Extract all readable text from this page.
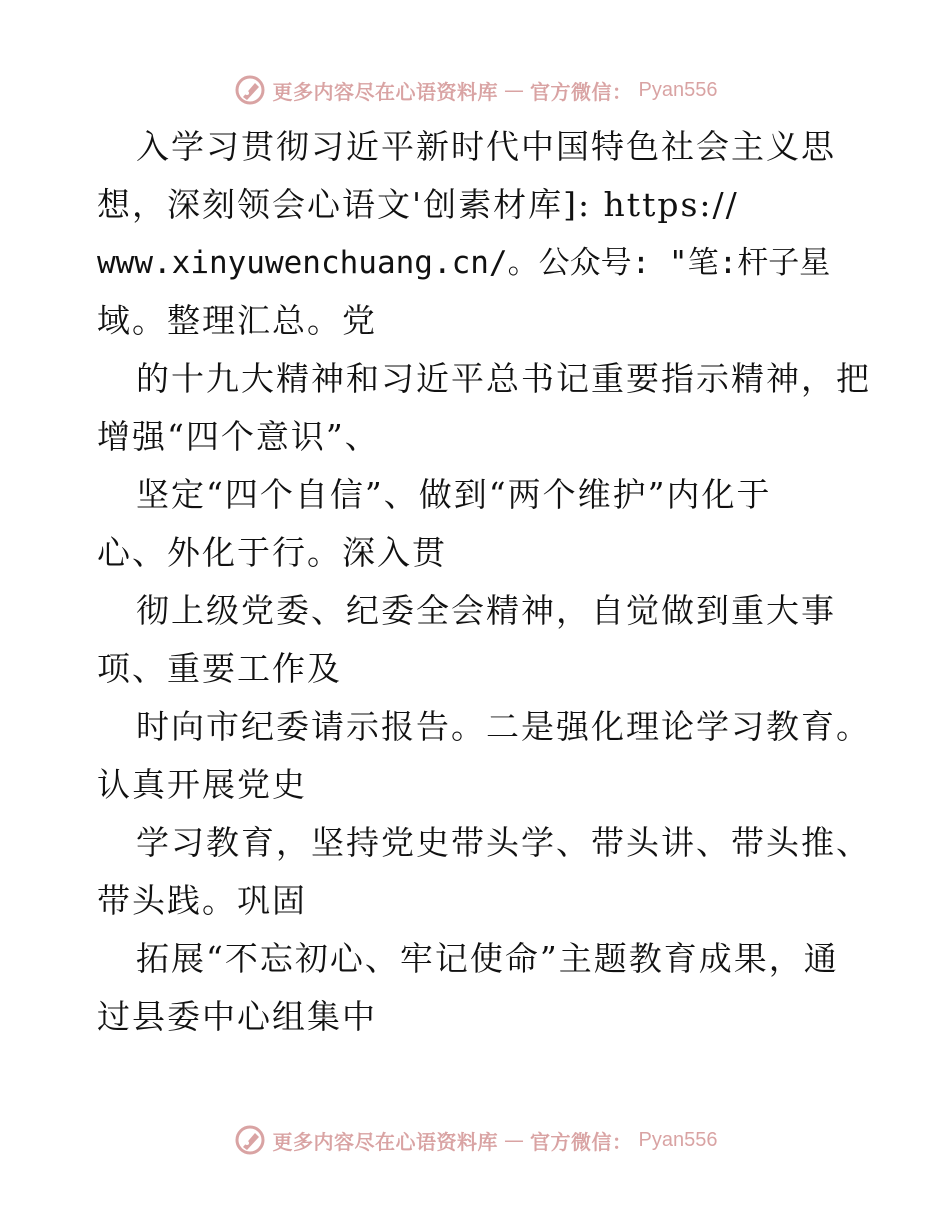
更多内容尽在心语资料库 — 官方微信： Pyan556
入学习贯彻习近平新时代中国特色社会主义思
想，深刻领会心语文'创素材库]: https://
www.xinyuwenchuang.cn/。公众号: "笔:杆子星
域。整理汇总。党
的十九大精神和习近平总书记重要指示精神，把
增强“四个意识”、
坚定“四个自信”、做到“两个维护”内化于
心、外化于行。深入贯
彻上级党委、纪委全会精神，自觉做到重大事
项、重要工作及
时向市纪委请示报告。二是强化理论学习教育。
认真开展党史
学习教育，坚持党史带头学、带头讲、带头推、
带头践。巩固
拓展“不忘初心、牢记使命”主题教育成果，通
过县委中心组集中
更多内容尽在心语资料库 — 官方微信： Pyan556
